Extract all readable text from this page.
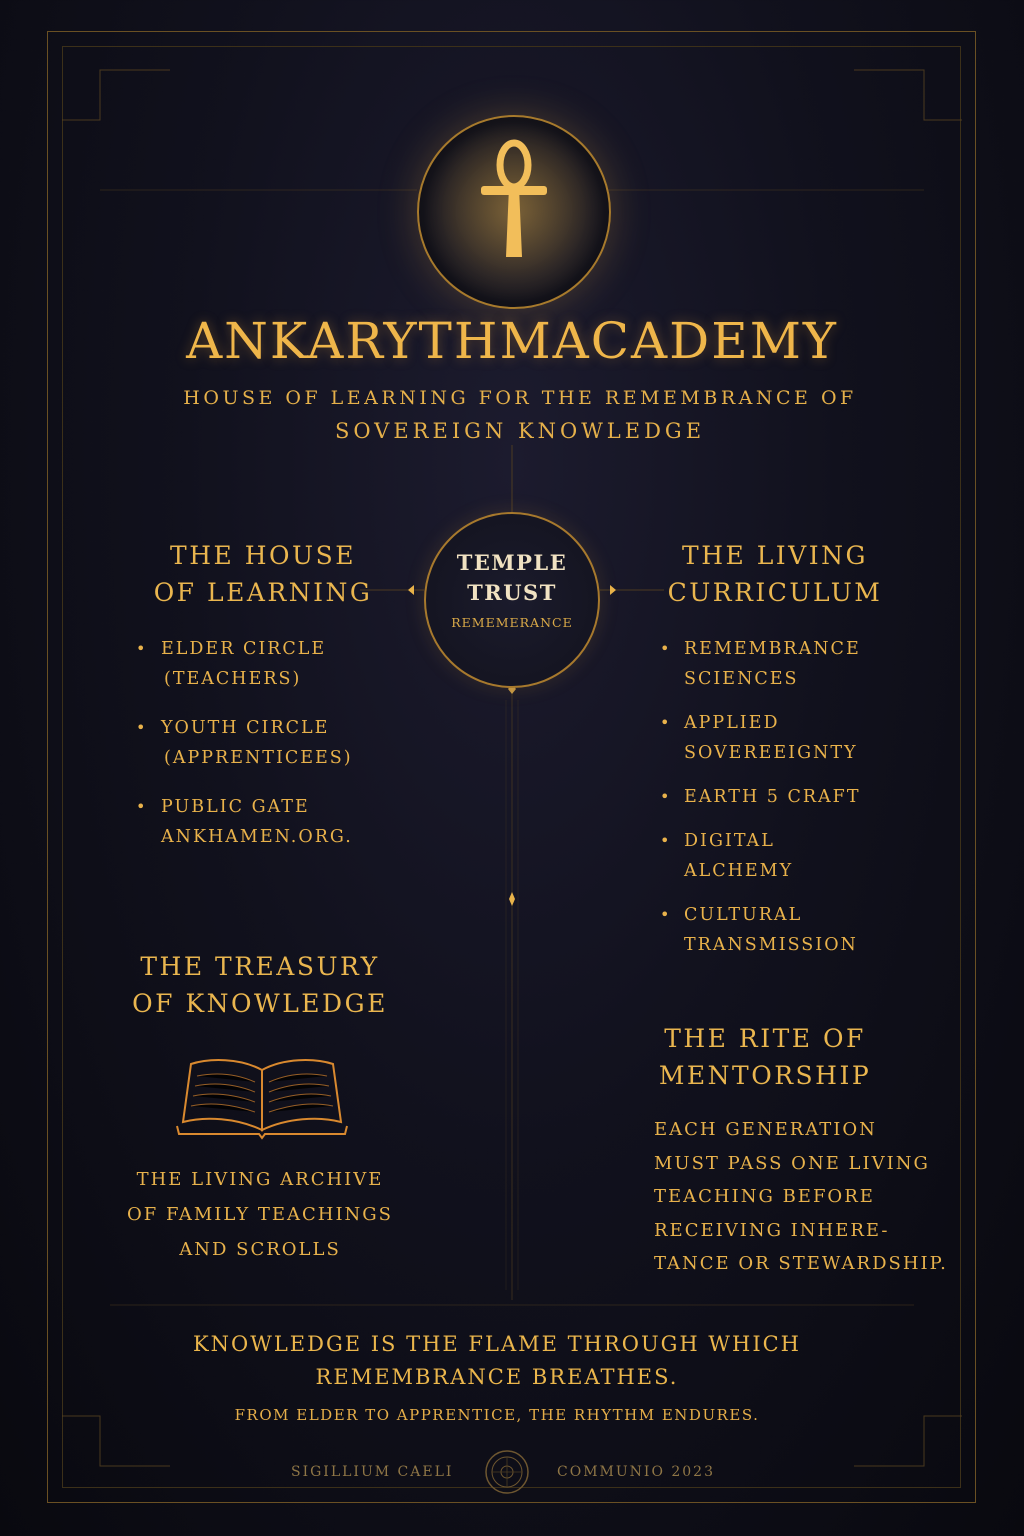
ANKARYTHMACADEMY
HOUSE OF LEARNING FOR THE REMEMBRANCE OF
SOVEREIGN KNOWLEDGE
TEMPLE
TRUST
REMEMERANCE
THE HOUSE
OF LEARNING
• ELDER CIRCLE
(TEACHERS)
• YOUTH CIRCLE
(APPRENTICEES)
• PUBLIC GATE
ANKHAMEN.ORG.
THE LIVING
CURRICULUM
• REMEMBRANCE
SCIENCES
• APPLIED
SOVEREEIGNTY
• EARTH 5 CRAFT
• DIGITAL
ALCHEMY
• CULTURAL
TRANSMISSION
THE TREASURY
OF KNOWLEDGE
THE LIVING ARCHIVE
OF FAMILY TEACHINGS
AND SCROLLS
THE RITE OF
MENTORSHIP
EACH GENERATION
MUST PASS ONE LIVING
TEACHING BEFORE
RECEIVING INHERE-
TANCE OR STEWARDSHIP.
KNOWLEDGE IS THE FLAME THROUGH WHICH
REMEMBRANCE BREATHES.
FROM ELDER TO APPRENTICE, THE RHYTHM ENDURES.
SIGILLIUM CAELI	COMMUNIO 2023
